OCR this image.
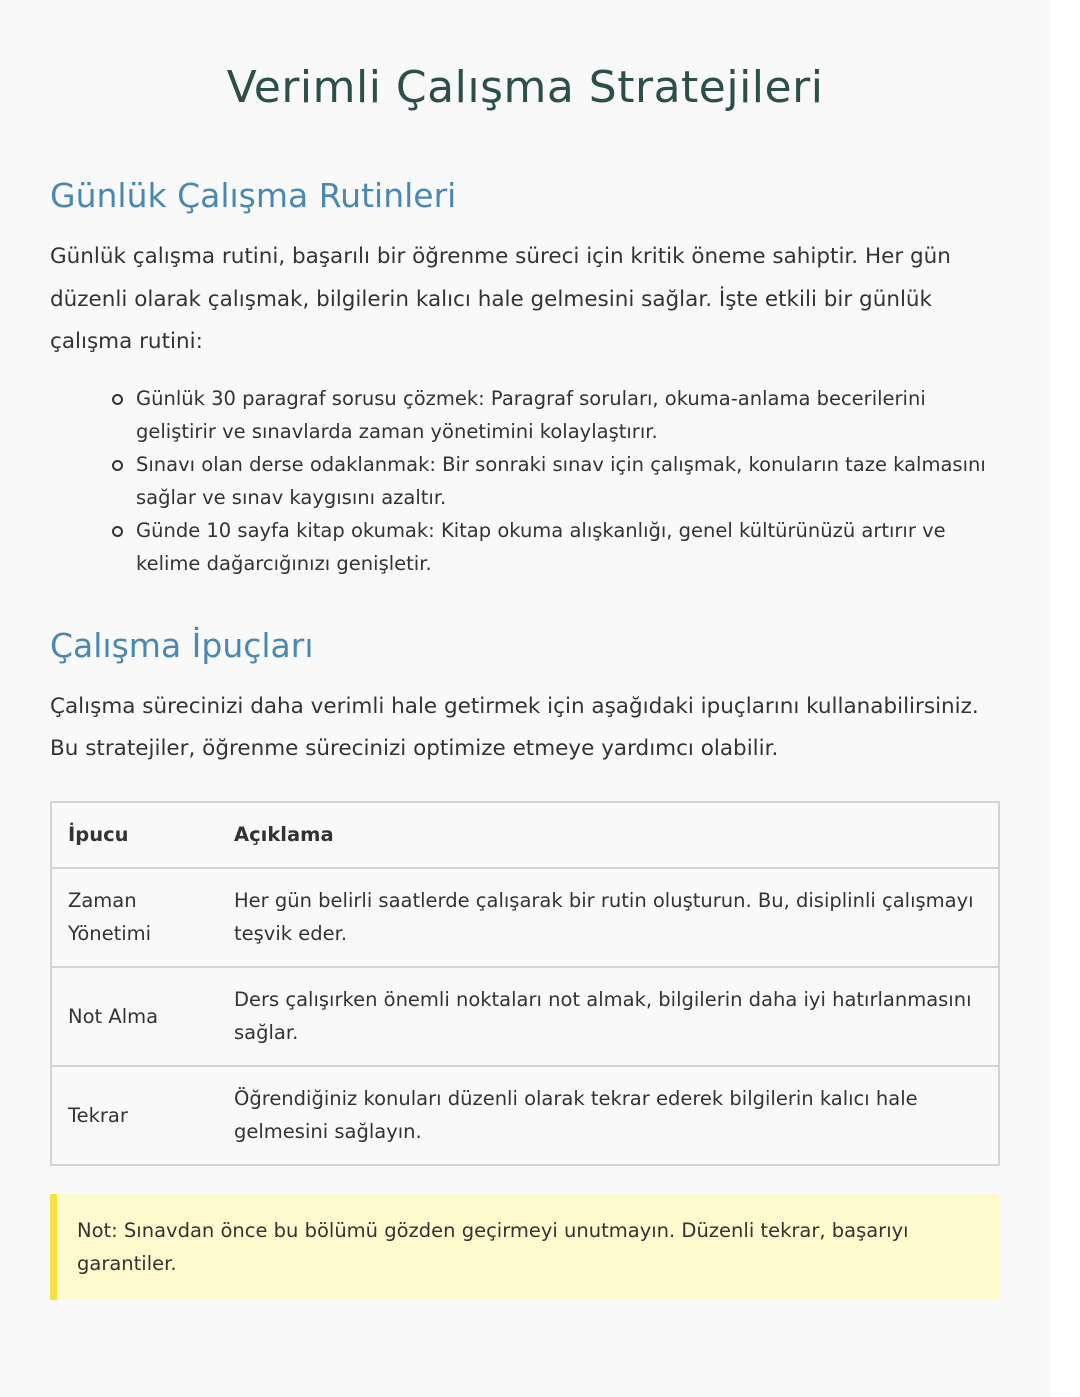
Verimli Çalışma Stratejileri
Günlük Çalışma Rutinleri

Günlük çalışma rutini, başarılı bir öğrenme süreci için kritik öneme sahiptir. Her gün düzenli olarak çalışmak, bilgilerin kalıcı hale gelmesini sağlar. İşte etkili bir günlük çalışma rutini:

Günlük 30 paragraf sorusu çözmek: Paragraf soruları, okuma-anlama becerilerini geliştirir ve sınavlarda zaman yönetimini kolaylaştırır.
Sınavı olan derse odaklanmak: Bir sonraki sınav için çalışmak, konuların taze kalmasını sağlar ve sınav kaygısını azaltır.
Günde 10 sayfa kitap okumak: Kitap okuma alışkanlığı, genel kültürünüzü artırır ve kelime dağarcığınızı genişletir.
Çalışma İpuçları

Çalışma sürecinizi daha verimli hale getirmek için aşağıdaki ipuçlarını kullanabilirsiniz. Bu stratejiler, öğrenme sürecinizi optimize etmeye yardımcı olabilir.

İpucu	Açıklama
Zaman Yönetimi	Her gün belirli saatlerde çalışarak bir rutin oluşturun. Bu, disiplinli çalışmayı teşvik eder.
Not Alma	Ders çalışırken önemli noktaları not almak, bilgilerin daha iyi hatırlanmasını sağlar.
Tekrar	Öğrendiğiniz konuları düzenli olarak tekrar ederek bilgilerin kalıcı hale gelmesini sağlayın.
Not: Sınavdan önce bu bölümü gözden geçirmeyi unutmayın. Düzenli tekrar, başarıyı garantiler.
